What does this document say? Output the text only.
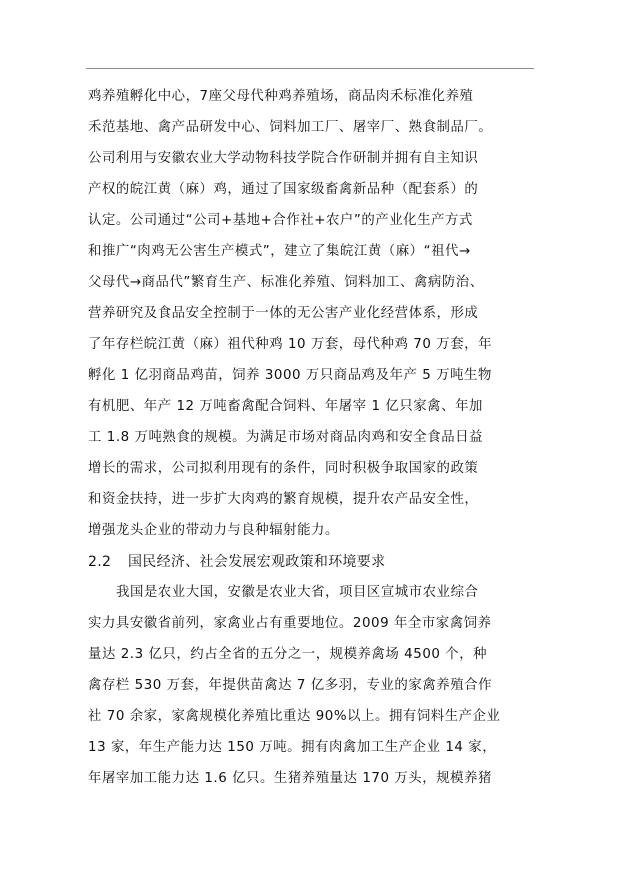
鸡养殖孵化中心，7座父母代种鸡养殖场，商品肉禾标准化养殖
禾范基地、禽产品研发中心、饲料加工厂、屠宰厂、熟食制品厂。
公司利用与安徽农业大学动物科技学院合作研制并拥有自主知识
产权的皖江黄（麻）鸡，通过了国家级畜禽新品种（配套系）的
认定。公司通过“公司+基地+合作社+农户”的产业化生产方式
和推广“肉鸡无公害生产模式”，建立了集皖江黄（麻）“祖代→
父母代→商品代”繁育生产、标准化养殖、饲料加工、禽病防治、
营养研究及食品安全控制于一体的无公害产业化经营体系，形成
了年存栏皖江黄（麻）祖代种鸡 10 万套，母代种鸡 70 万套，年
孵化 1 亿羽商品鸡苗，饲养 3000 万只商品鸡及年产 5 万吨生物
有机肥、年产 12 万吨畜禽配合饲料、年屠宰 1 亿只家禽、年加
工 1.8 万吨熟食的规模。为满足市场对商品肉鸡和安全食品日益
增长的需求，公司拟利用现有的条件，同时积极争取国家的政策
和资金扶持，进一步扩大肉鸡的繁育规模，提升农产品安全性，
增强龙头企业的带动力与良种辐射能力。
2.2 国民经济、社会发展宏观政策和环境要求
我国是农业大国，安徽是农业大省，项目区宣城市农业综合
实力具安徽省前列，家禽业占有重要地位。2009 年全市家禽饲养
量达 2.3 亿只，约占全省的五分之一，规模养禽场 4500 个，种
禽存栏 530 万套，年提供苗禽达 7 亿多羽，专业的家禽养殖合作
社 70 余家，家禽规模化养殖比重达 90%以上。拥有饲料生产企业
13 家，年生产能力达 150 万吨。拥有肉禽加工生产企业 14 家，
年屠宰加工能力达 1.6 亿只。生猪养殖量达 170 万头，规模养猪
